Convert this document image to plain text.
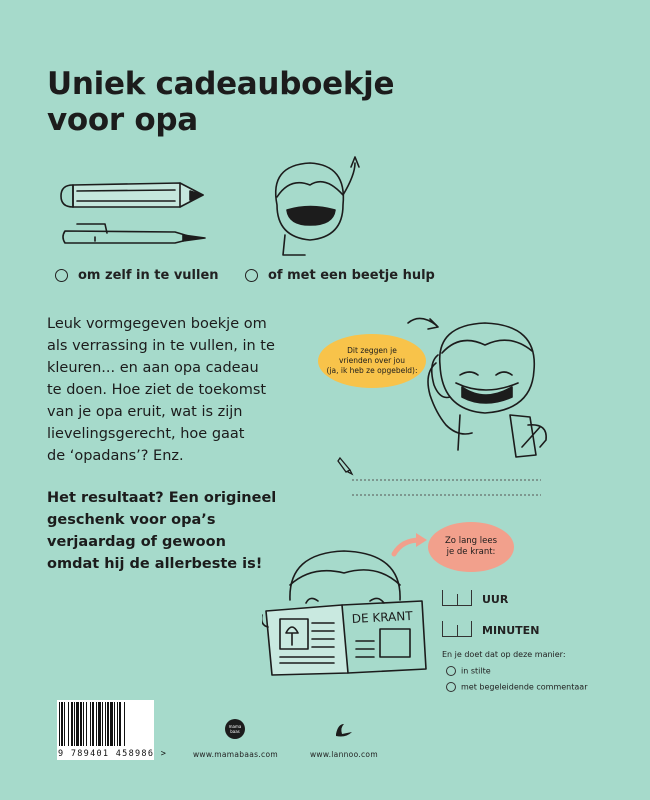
Uniek cadeauboekje
voor opa
om zelf in te vullen	of met een beetje hulp
Leuk vormgegeven boekje om
als verrassing in te vullen, in te
kleuren... en aan opa cadeau
te doen. Hoe ziet de toekomst
van je opa eruit, wat is zijn
lievelingsgerecht, hoe gaat
de ‘opadans’? Enz.
Het resultaat? Een origineel
geschenk voor opa’s
verjaardag of gewoon
omdat hij de allerbeste is!
Dit zeggen je
vrienden over jou
(ja, ik heb ze opgebeld):
Zo lang lees
je de krant:
DE KRANT
UUR
MINUTEN
En je doet dat op deze manier:
in stilte
met begeleidende commentaar
9 789401 458986 >
mama baas
www.mamabaas.com	www.lannoo.com
